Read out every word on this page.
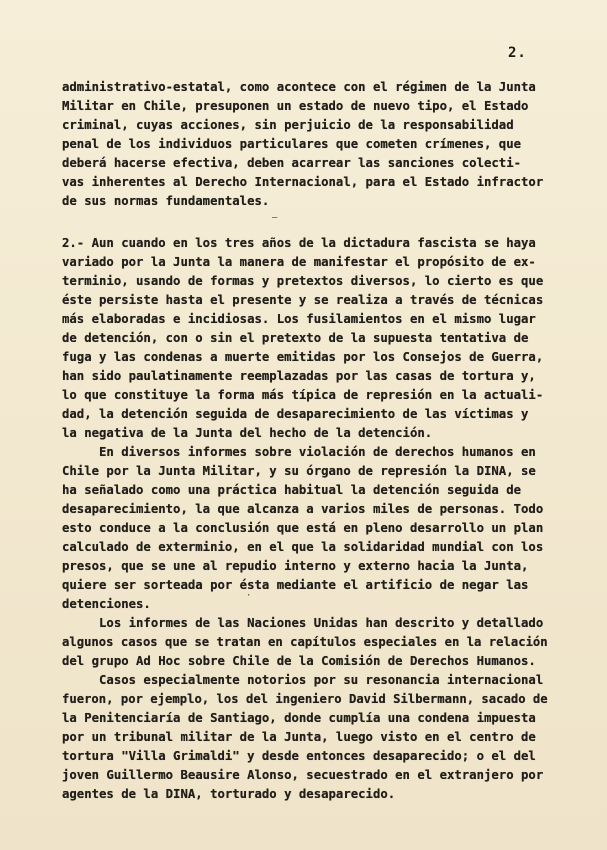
2.
administrativo-estatal, como acontece con el régimen de la Junta
Militar en Chile, presuponen un estado de nuevo tipo, el Estado
criminal, cuyas acciones, sin perjuicio de la responsabilidad
penal de los individuos particulares que cometen crímenes, que
deberá hacerse efectiva, deben acarrear las sanciones colecti-
vas inherentes al Derecho Internacional, para el Estado infractor
de sus normas fundamentales.
2.- Aun cuando en los tres años de la dictadura fascista se haya
variado por la Junta la manera de manifestar el propósito de ex-
terminio, usando de formas y pretextos diversos, lo cierto es que
éste persiste hasta el presente y se realiza a través de técnicas
más elaboradas e incidiosas. Los fusilamientos en el mismo lugar
de detención, con o sin el pretexto de la supuesta tentativa de
fuga y las condenas a muerte emitidas por los Consejos de Guerra,
han sido paulatinamente reemplazadas por las casas de tortura y,
lo que constituye la forma más típica de represión en la actuali-
dad, la detención seguida de desaparecimiento de las víctimas y
la negativa de la Junta del hecho de la detención.
En diversos informes sobre violación de derechos humanos en
Chile por la Junta Militar, y su órgano de represión la DINA, se
ha señalado como una práctica habitual la detención seguida de
desaparecimiento, la que alcanza a varios miles de personas. Todo
esto conduce a la conclusión que está en pleno desarrollo un plan
calculado de exterminio, en el que la solidaridad mundial con los
presos, que se une al repudio interno y externo hacia la Junta,
quiere ser sorteada por ésta mediante el artificio de negar las
detenciones.
Los informes de las Naciones Unidas han descrito y detallado
algunos casos que se tratan en capítulos especiales en la relación
del grupo Ad Hoc sobre Chile de la Comisión de Derechos Humanos.
Casos especialmente notorios por su resonancia internacional
fueron, por ejemplo, los del ingeniero David Silbermann, sacado de
la Penitenciaría de Santiago, donde cumplía una condena impuesta
por un tribunal militar de la Junta, luego visto en el centro de
tortura "Villa Grimaldi" y desde entonces desaparecido; o el del
joven Guillermo Beausire Alonso, secuestrado en el extranjero por
agentes de la DINA, torturado y desaparecido.
–
·
